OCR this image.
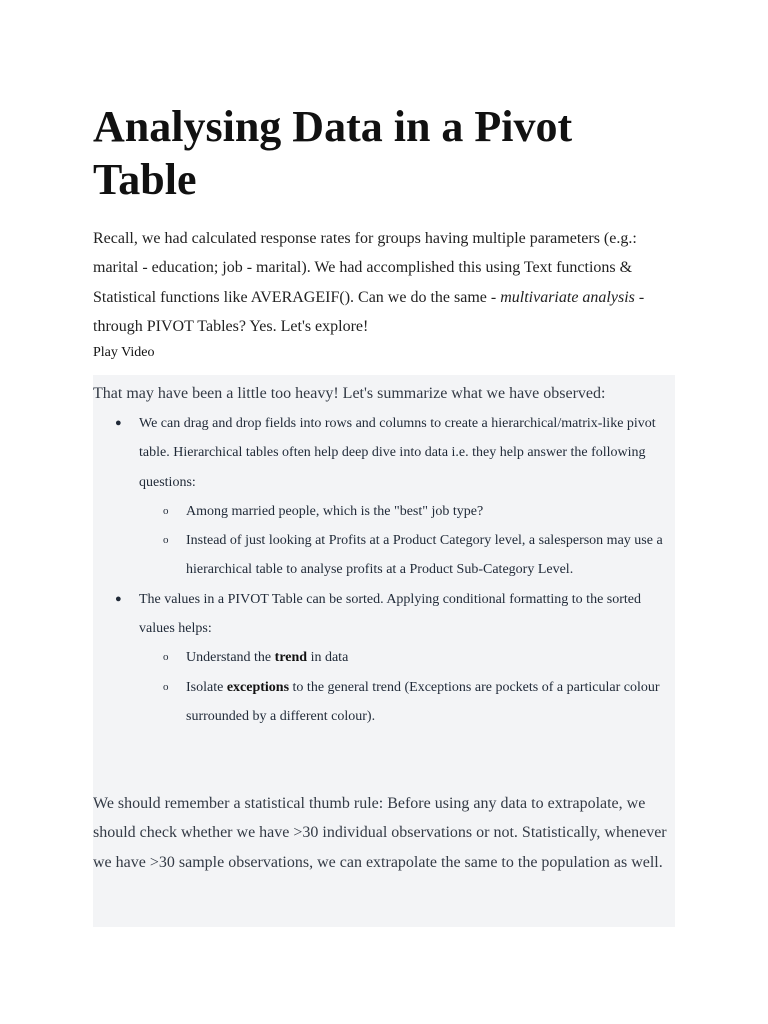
Analysing Data in a Pivot Table

Recall, we had calculated response rates for groups having multiple parameters (e.g.: marital - education; job - marital). We had accomplished this using Text functions & Statistical functions like AVERAGEIF(). Can we do the same - multivariate analysis - through PIVOT Tables? Yes. Let's explore!

Play Video

That may have been a little too heavy! Let's summarize what we have observed:

● We can drag and drop fields into rows and columns to create a hierarchical/matrix-like pivot table. Hierarchical tables often help deep dive into data i.e. they help answer the following questions:
o Among married people, which is the "best" job type?
o Instead of just looking at Profits at a Product Category level, a salesperson may use a hierarchical table to analyse profits at a Product Sub-Category Level.
● The values in a PIVOT Table can be sorted. Applying conditional formatting to the sorted values helps:
o Understand the trend in data
o Isolate exceptions to the general trend (Exceptions are pockets of a particular colour surrounded by a different colour).

We should remember a statistical thumb rule: Before using any data to extrapolate, we should check whether we have >30 individual observations or not. Statistically, whenever we have >30 sample observations, we can extrapolate the same to the population as well.
